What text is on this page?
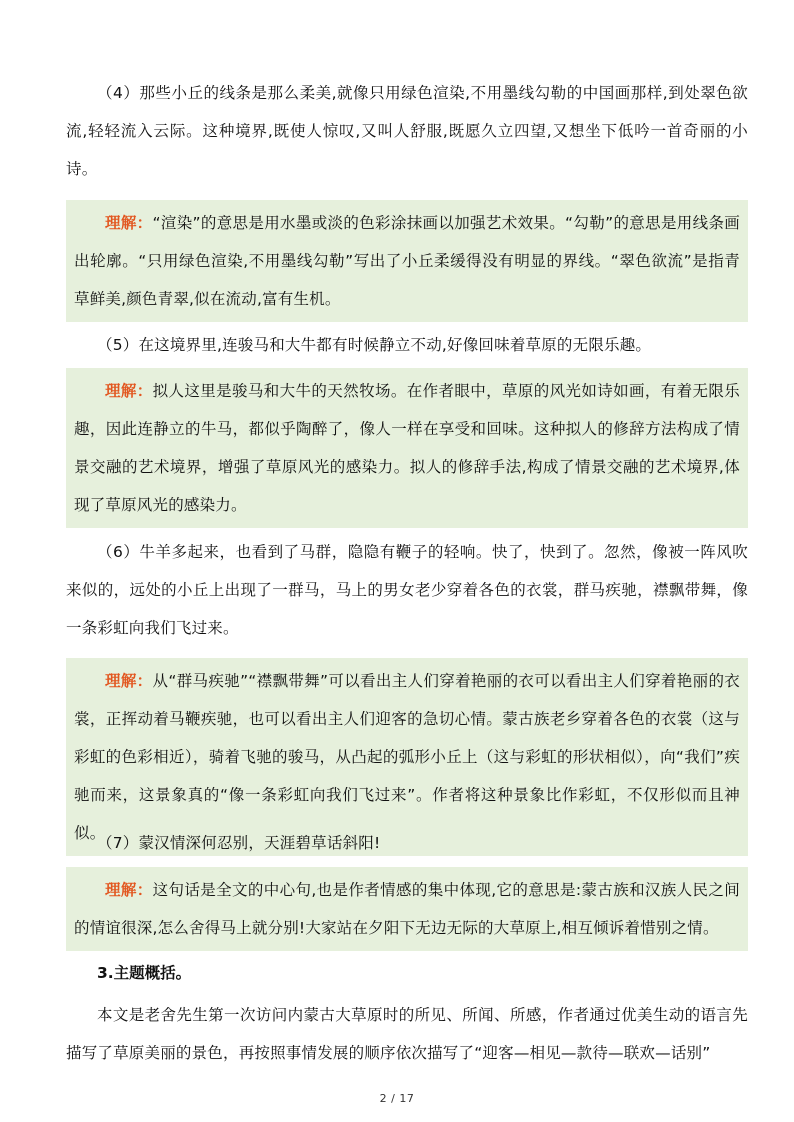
（4）那些小丘的线条是那么柔美,就像只用绿色渲染,不用墨线勾勒的中国画那样,到处翠色欲流,轻轻流入云际。这种境界,既使人惊叹,又叫人舒服,既愿久立四望,又想坐下低吟一首奇丽的小诗。

理解：“渲染”的意思是用水墨或淡的色彩涂抹画以加强艺术效果。“勾勒”的意思是用线条画出轮廓。“只用绿色渲染,不用墨线勾勒”写出了小丘柔缓得没有明显的界线。“翠色欲流”是指青草鲜美,颜色青翠,似在流动,富有生机。

（5）在这境界里,连骏马和大牛都有时候静立不动,好像回味着草原的无限乐趣。

理解：拟人这里是骏马和大牛的天然牧场。在作者眼中，草原的风光如诗如画，有着无限乐趣，因此连静立的牛马，都似乎陶醉了，像人一样在享受和回味。这种拟人的修辞方法构成了情景交融的艺术境界，增强了草原风光的感染力。拟人的修辞手法,构成了情景交融的艺术境界,体现了草原风光的感染力。

（6）牛羊多起来，也看到了马群，隐隐有鞭子的轻响。快了，快到了。忽然，像被一阵风吹来似的，远处的小丘上出现了一群马，马上的男女老少穿着各色的衣裳，群马疾驰，襟飘带舞，像一条彩虹向我们飞过来。

理解：从“群马疾驰”“襟飘带舞”可以看出主人们穿着艳丽的衣可以看出主人们穿着艳丽的衣裳，正挥动着马鞭疾驰，也可以看出主人们迎客的急切心情。蒙古族老乡穿着各色的衣裳（这与彩虹的色彩相近），骑着飞驰的骏马，从凸起的弧形小丘上（这与彩虹的形状相似），向“我们”疾驰而来，这景象真的“像一条彩虹向我们飞过来”。作者将这种景象比作彩虹，不仅形似而且神似。

（7）蒙汉情深何忍别，天涯碧草话斜阳!

理解：这句话是全文的中心句,也是作者情感的集中体现,它的意思是:蒙古族和汉族人民之间的情谊很深,怎么舍得马上就分别!大家站在夕阳下无边无际的大草原上,相互倾诉着惜别之情。

3.主题概括。

本文是老舍先生第一次访问内蒙古大草原时的所见、所闻、所感，作者通过优美生动的语言先描写了草原美丽的景色，再按照事情发展的顺序依次描写了“迎客—相见—款待—联欢—话别”

2 / 17
